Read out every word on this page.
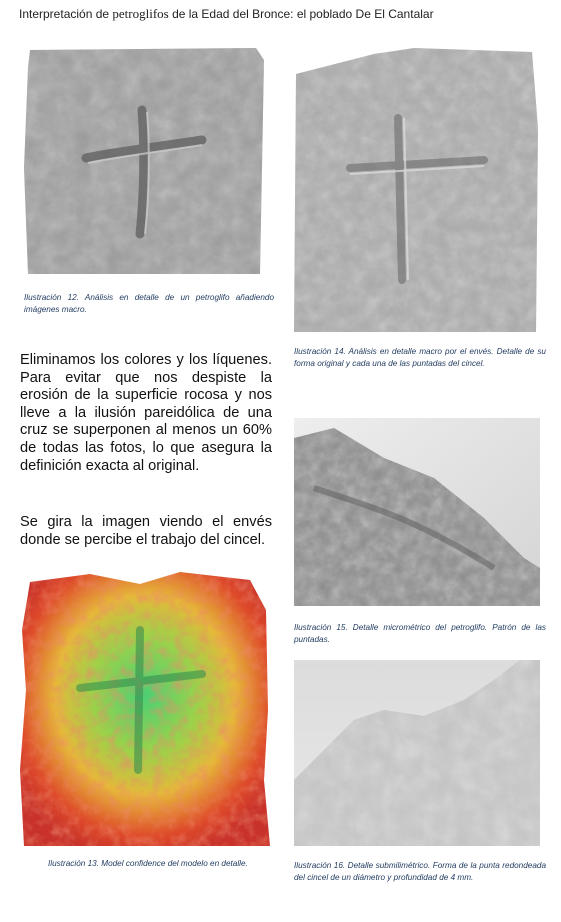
Interpretación de petroglifos de la Edad del Bronce: el poblado De El Cantalar
Ilustración 12. Análisis en detalle de un petroglifo añadiendo imágenes macro.
Eliminamos los colores y los líquenes. Para evitar que nos despiste la erosión de la superficie rocosa y nos lleve a la ilusión pareidólica de una cruz se superponen al menos un 60% de todas las fotos, lo que asegura la definición exacta al original.
Se gira la imagen viendo el envés donde se percibe el trabajo del cincel.
Ilustración 13. Model confidence del modelo en detalle.
Ilustración 14. Análisis en detalle macro por el envés. Detalle de su forma original y cada una de las puntadas del cincel.
Ilustración 15. Detalle micrométrico del petroglifo. Patrón de las puntadas.
Ilustración 16. Detalle submilimétrico. Forma de la punta redondeada del cincel de un diámetro y profundidad de 4 mm.
